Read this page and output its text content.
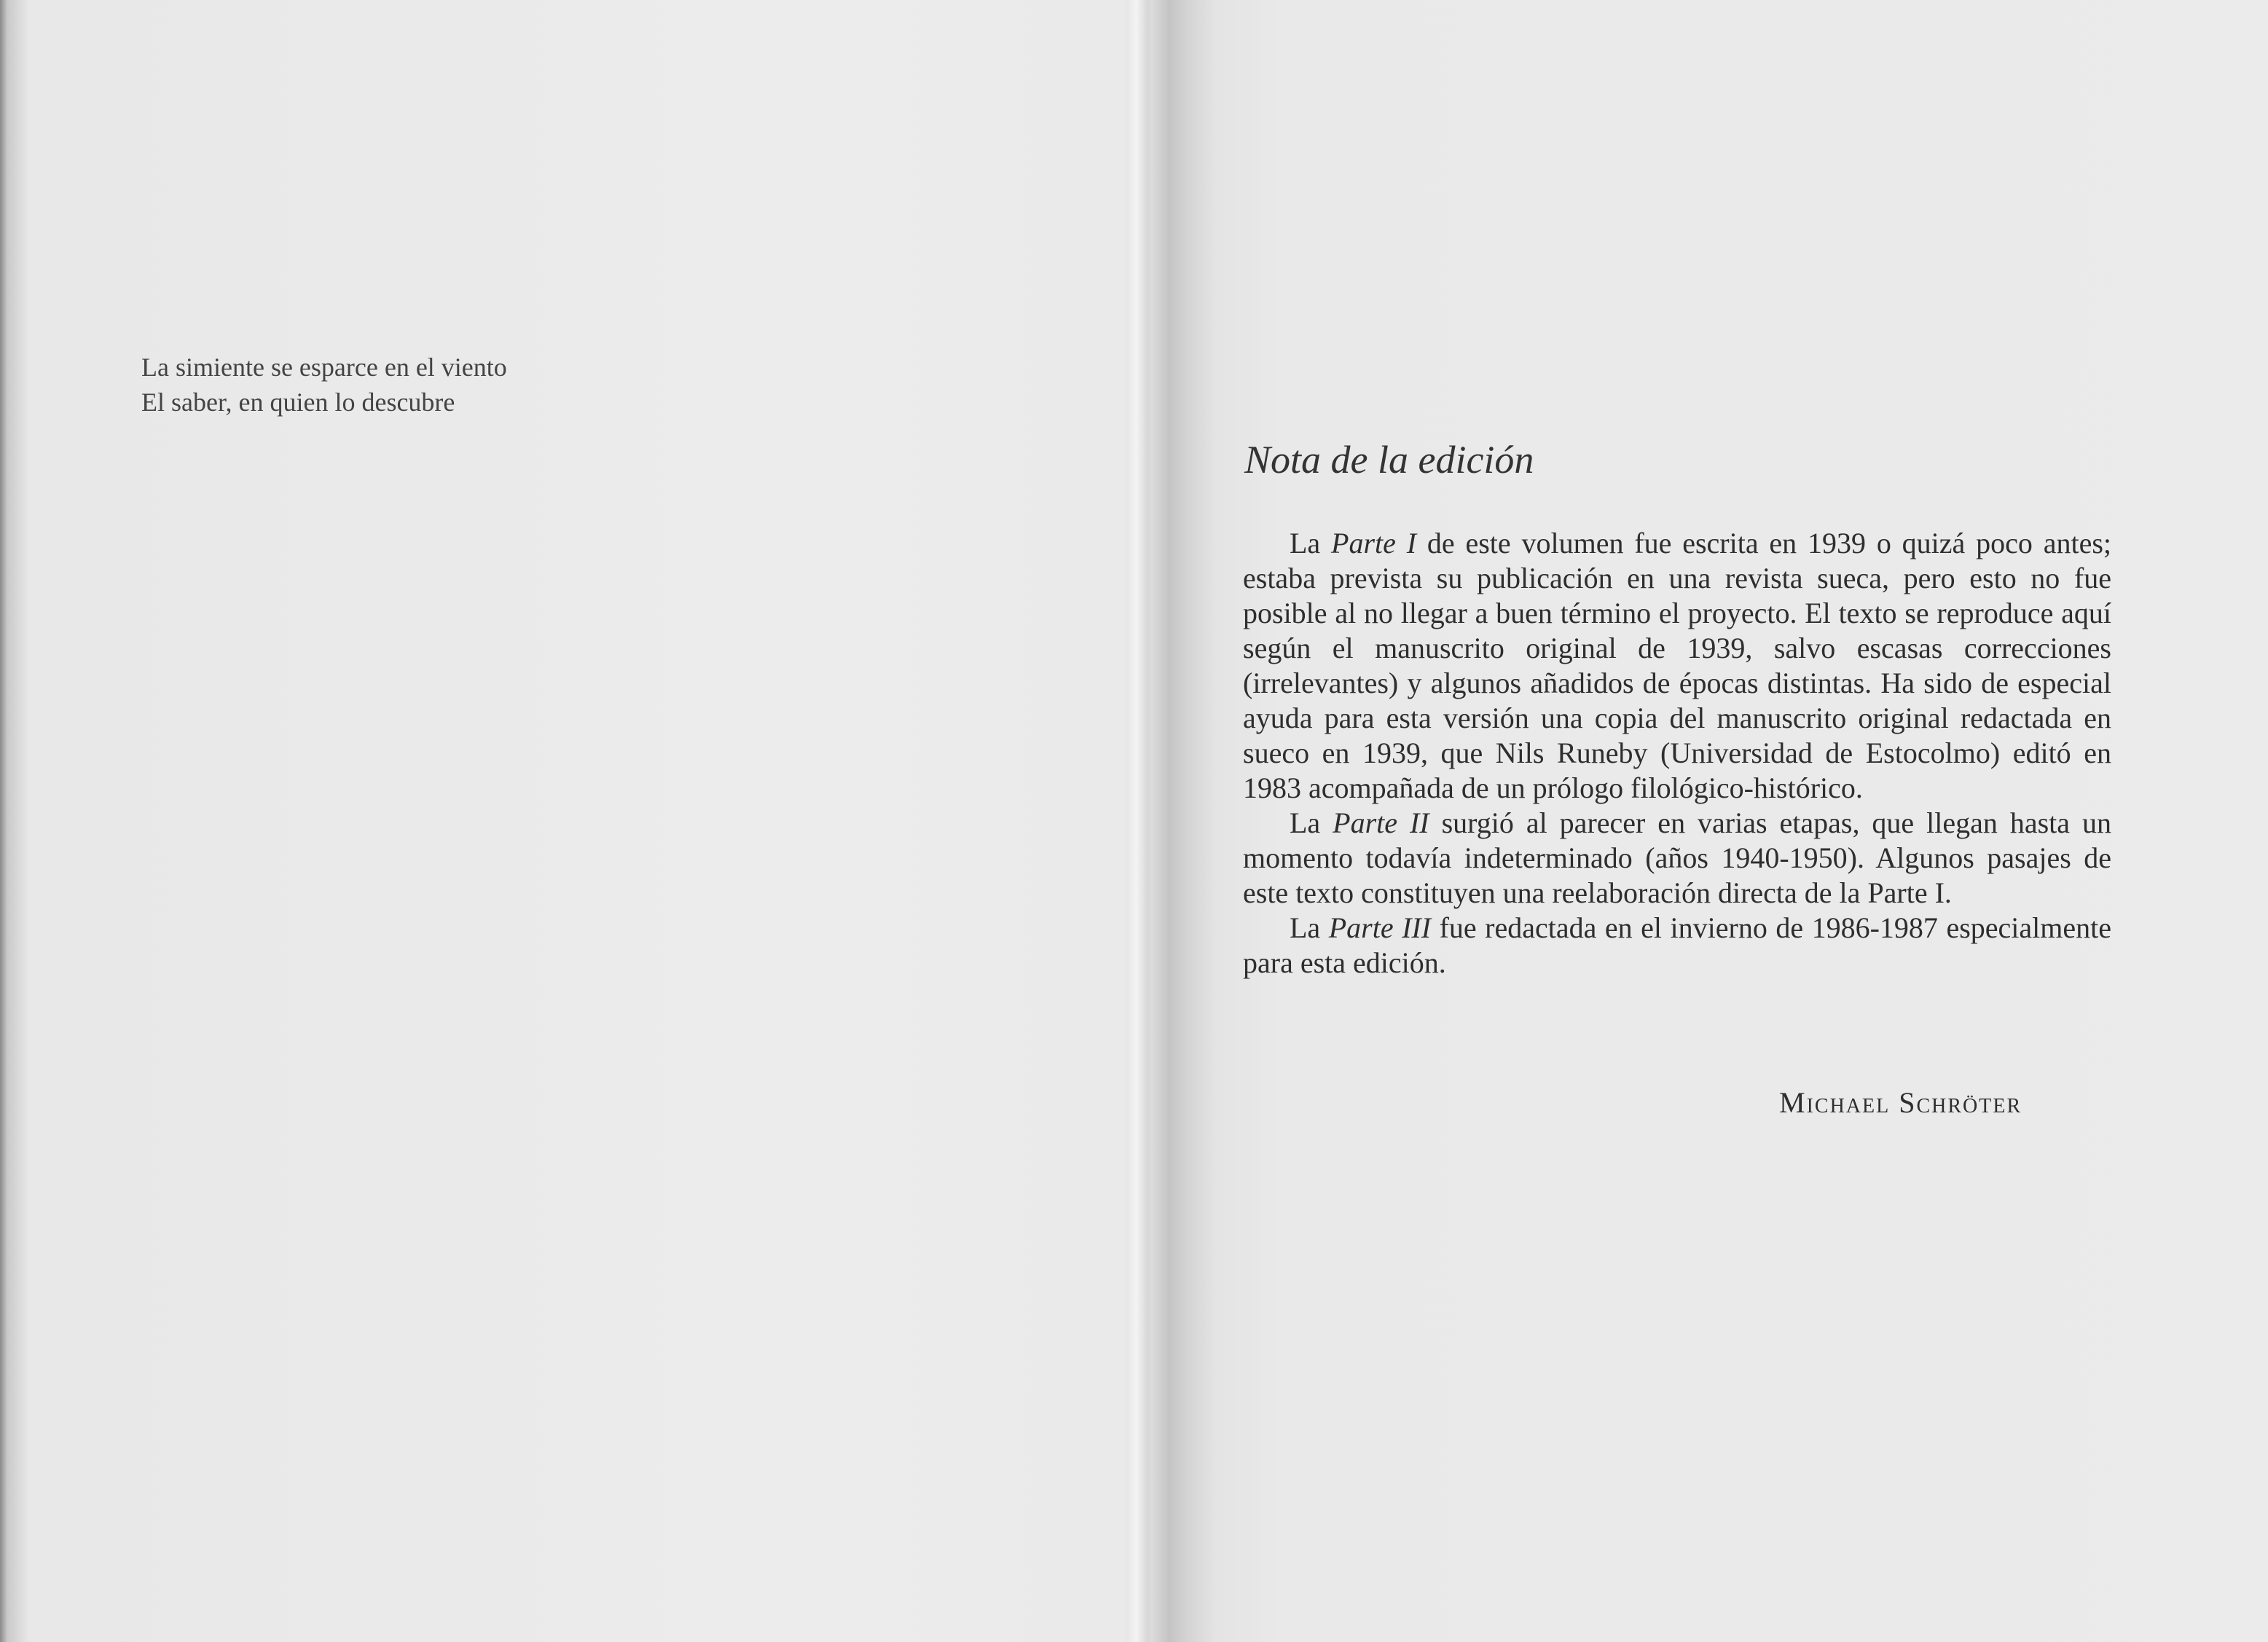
La simiente se esparce en el viento
El saber, en quien lo descubre
Nota de la edición

La Parte I de este volumen fue escrita en 1939 o quizá poco antes; estaba prevista su publicación en una revista sueca, pero esto no fue posible al no llegar a buen término el proyecto. El texto se reproduce aquí según el manuscrito original de 1939, salvo escasas correcciones (irrelevantes) y algunos añadidos de épocas distintas. Ha sido de especial ayuda para esta versión una copia del manuscrito original redactada en sueco en 1939, que Nils Runeby (Universidad de Estocolmo) editó en 1983 acompañada de un prólogo filológico-histórico.

La Parte II surgió al parecer en varias etapas, que llegan hasta un momento todavía indeterminado (años 1940-1950). Algunos pasajes de este texto constituyen una reelaboración directa de la Parte I.

La Parte III fue redactada en el invierno de 1986-1987 especialmente para esta edición.

Michael Schröter
